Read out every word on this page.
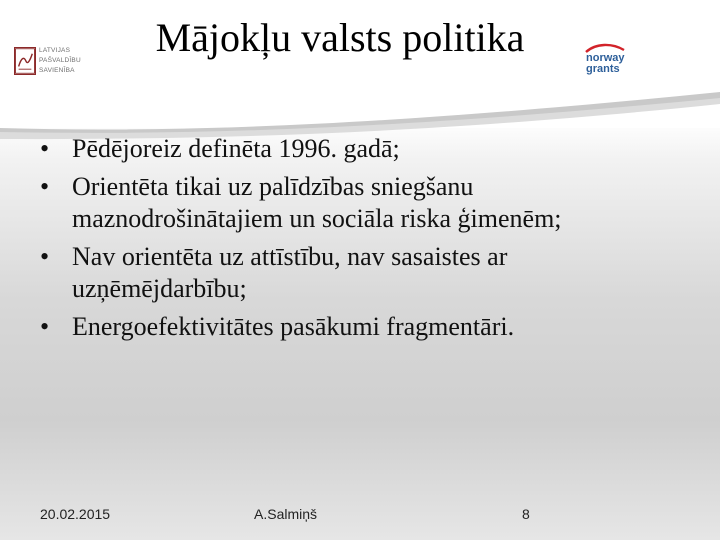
LATVIJAS
PAŠVALDĪBU
SAVIENĪBA
Mājokļu valsts politika	norway
grants
• Pēdējoreiz definēta 1996. gadā;
• Orientēta tikai uz palīdzības sniegšanu maznodrošinātajiem un sociāla riska ģimenēm;
• Nav orientēta uz attīstību, nav sasaistes ar uzņēmējdarbību;
• Energoefektivitātes pasākumi fragmentāri.
20.02.2015	A.Salmiņš	8
